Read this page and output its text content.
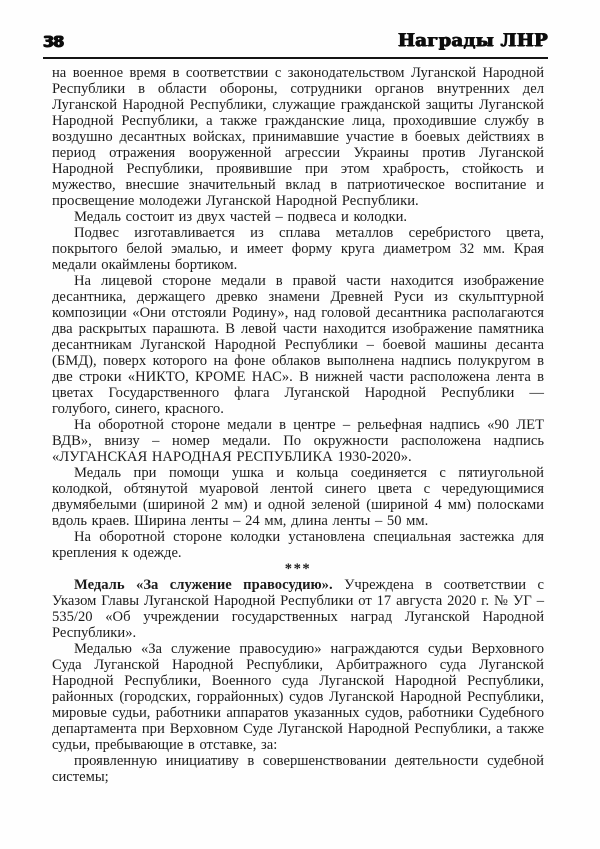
38	Награды ЛНР

на военное время в соответствии с законодательством Луганской Народной Республики в области обороны, сотрудники органов внутренних дел Луганской Народной Республики, служащие гражданской защиты Луганской Народной Республики, а также гражданские лица, проходившие службу в воздушно десантных войсках, принимавшие участие в боевых действиях в период отражения вооруженной агрессии Украины против Луганской Народной Республики, проявившие при этом храбрость, стойкость и мужество, внесшие значительный вклад в патриотическое воспитание и просвещение молодежи Луганской Народной Республики.

Медаль состоит из двух частей – подвеса и колодки.

Подвес изготавливается из сплава металлов серебристого цвета, покрытого белой эмалью, и имеет форму круга диаметром 32 мм. Края медали окаймлены бортиком.

На лицевой стороне медали в правой части находится изображение десантника, держащего древко знамени Древней Руси из скульптурной композиции «Они отстояли Родину», над головой десантника располагаются два раскрытых парашюта. В левой части находится изображение памятника десантникам Луганской Народной Республики – боевой машины десанта (БМД), поверх которого на фоне облаков выполнена надпись полукругом в две строки «НИКТО, КРОМЕ НАС». В нижней части расположена лента в цветах Государственного флага Луганской Народной Республики — голубого, синего, красного.

На оборотной стороне медали в центре – рельефная надпись «90 ЛЕТ ВДВ», внизу – номер медали. По окружности расположена надпись «ЛУГАНСКАЯ НАРОДНАЯ РЕСПУБЛИКА 1930-2020».

Медаль при помощи ушка и кольца соединяется с пятиугольной колодкой, обтянутой муаровой лентой синего цвета с чередующимися двумябелыми (шириной 2 мм) и одной зеленой (шириной 4 мм) полосками вдоль краев. Ширина ленты – 24 мм, длина ленты – 50 мм.

На оборотной стороне колодки установлена специальная застежка для крепления к одежде.

***

Медаль «За служение правосудию». Учреждена в соответствии с Указом Главы Луганской Народной Республики от 17 августа 2020 г. № УГ – 535/20 «Об учреждении государственных наград Луганской Народной Республики».

Медалью «За служение правосудию» награждаются судьи Верховного Суда Луганской Народной Республики, Арбитражного суда Луганской Народной Республики, Военного суда Луганской Народной Республики, районных (городских, горрайонных) судов Луганской Народной Республики, мировые судьи, работники аппаратов указанных судов, работники Судебного департамента при Верховном Суде Луганской Народной Республики, а также судьи, пребывающие в отставке, за:

проявленную инициативу в совершенствовании деятельности судебной системы;
